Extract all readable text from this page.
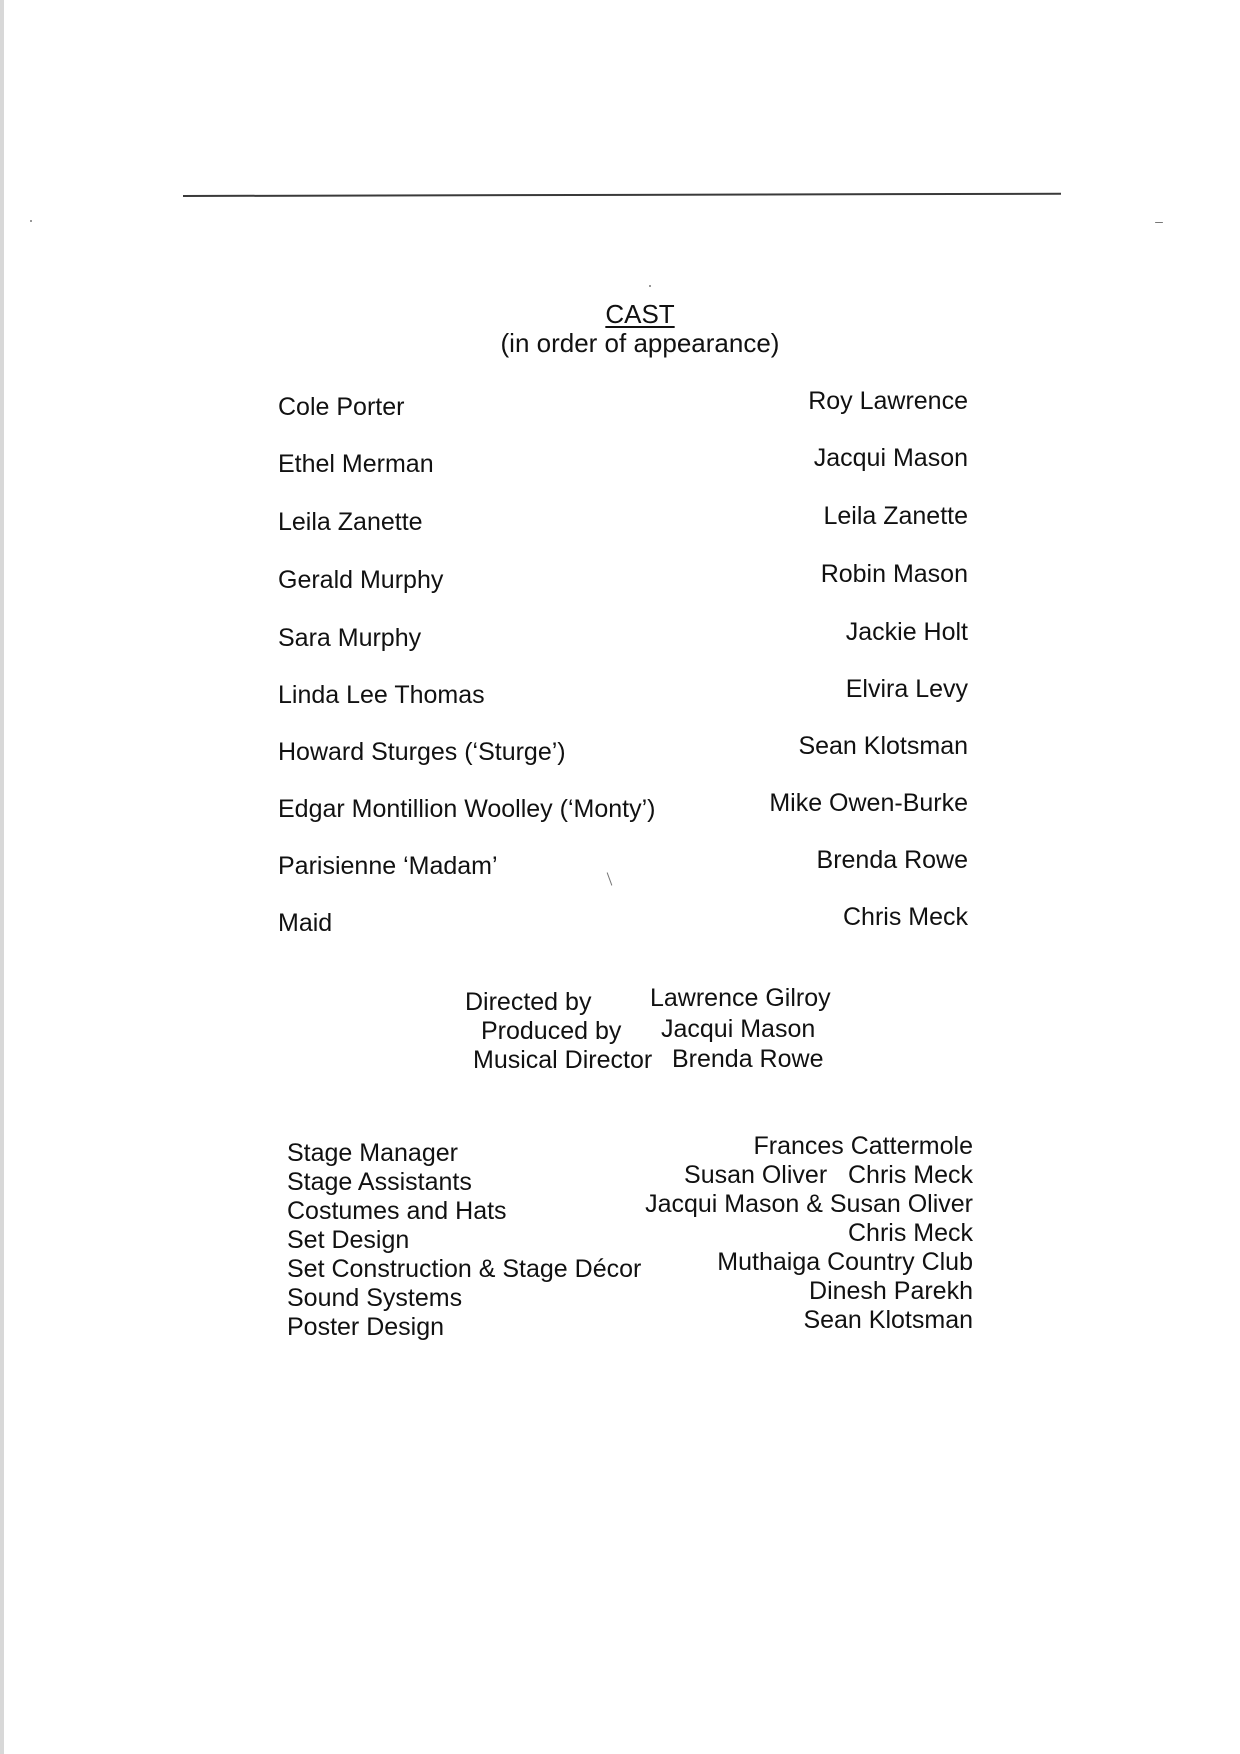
CAST
(in order of appearance)
Cole Porter	Roy Lawrence
Ethel Merman	Jacqui Mason
Leila Zanette	Leila Zanette
Gerald Murphy	Robin Mason
Sara Murphy	Jackie Holt
Linda Lee Thomas	Elvira Levy
Howard Sturges (‘Sturge’)	Sean Klotsman
Edgar Montillion Woolley (‘Monty’)	Mike Owen-Burke
Parisienne ‘Madam’	Brenda Rowe
Maid	Chris Meck
Directed by Lawrence Gilroy
Produced by Jacqui Mason
Musical Director Brenda Rowe
Stage Manager	Frances Cattermole
Stage Assistants	Susan Oliver   Chris Meck
Costumes and Hats	Jacqui Mason & Susan Oliver
Set Design	Chris Meck
Set Construction & Stage Décor	Muthaiga Country Club
Sound Systems	Dinesh Parekh
Poster Design	Sean Klotsman
